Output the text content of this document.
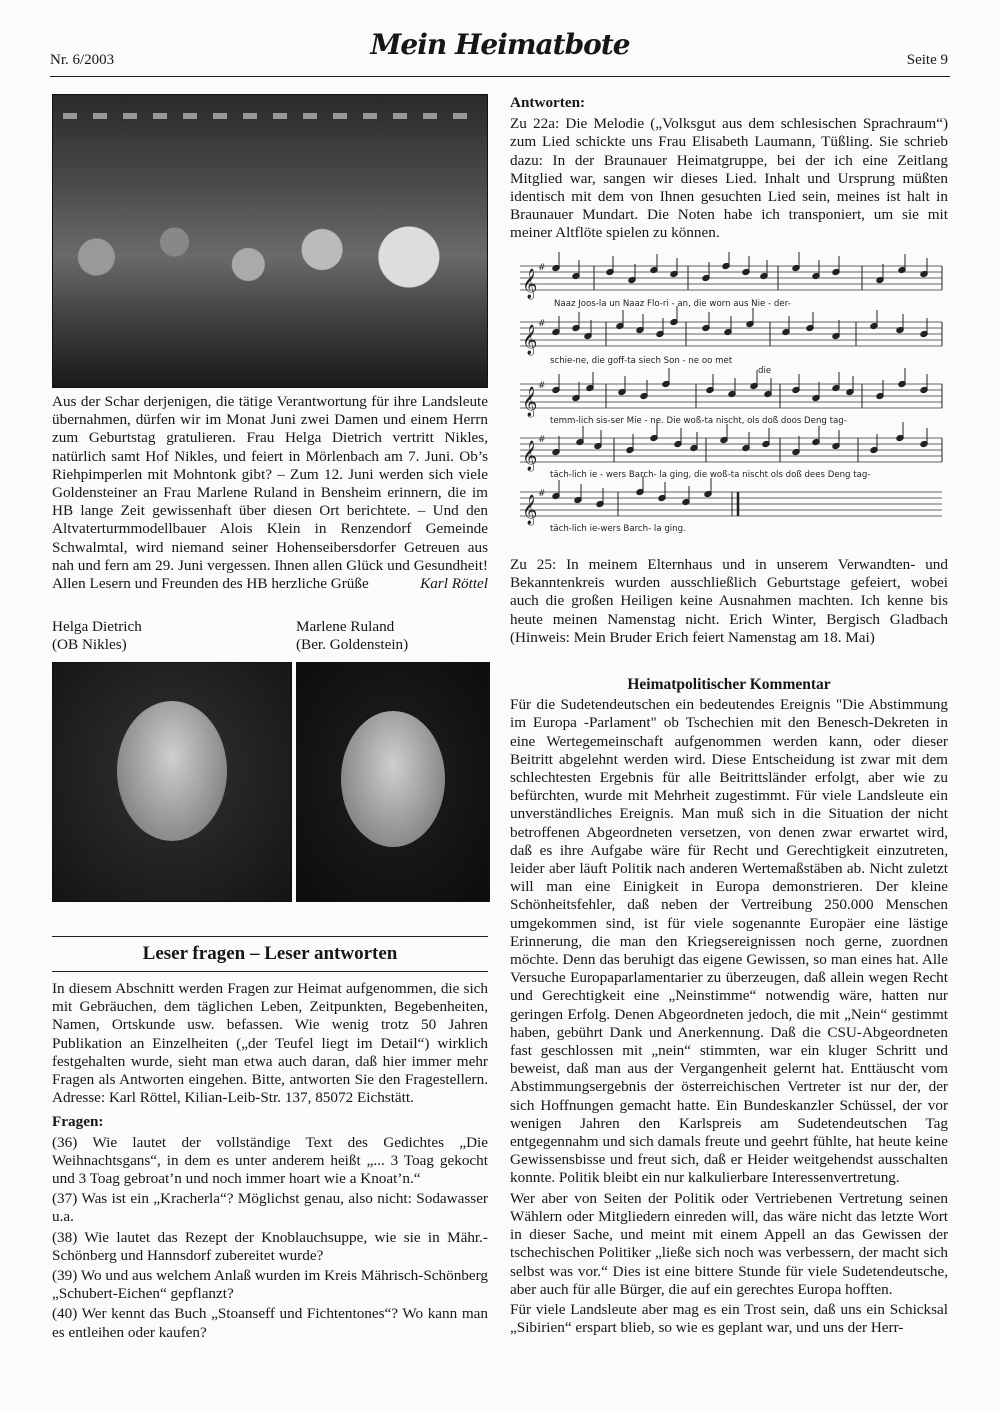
Nr. 6/2003	Mein Heimatbote	Seite 9

Aus der Schar derjenigen, die tätige Verantwortung für ihre Landsleute übernahmen, dürfen wir im Monat Juni zwei Damen und einem Herrn zum Geburtstag gratulieren. Frau Helga Dietrich vertritt Nikles, natürlich samt Hof Nikles, und feiert in Mörlenbach am 7. Juni. Ob’s Riehpimperlen mit Mohntonk gibt? – Zum 12. Juni werden sich viele Goldensteiner an Frau Marlene Ruland in Bensheim erinnern, die im HB lange Zeit gewissenhaft über diesen Ort berichtete. – Und den Altvaterturmmodellbauer Alois Klein in Renzendorf Gemeinde Schwalmtal, wird niemand seiner Hohenseibersdorfer Getreuen aus nah und fern am 29. Juni vergessen. Ihnen allen Glück und Gesundheit! Allen Lesern und Freunden des HB herzliche Grüße	Karl Röttel

Helga Dietrich
(OB Nikles)
Marlene Ruland
(Ber. Goldenstein)
Leser fragen – Leser antworten

In diesem Abschnitt werden Fragen zur Heimat aufgenommen, die sich mit Gebräuchen, dem täglichen Leben, Zeitpunkten, Begebenheiten, Namen, Ortskunde usw. befassen. Wie wenig trotz 50 Jahren Publikation an Einzelheiten („der Teufel liegt im Detail“) wirklich festgehalten wurde, sieht man etwa auch daran, daß hier immer mehr Fragen als Antworten eingehen. Bitte, antworten Sie den Fragestellern. Adresse: Karl Röttel, Kilian-Leib-Str. 137, 85072 Eichstätt.

Fragen:

(36) Wie lautet der vollständige Text des Gedichtes „Die Weihnachtsgans“, in dem es unter anderem heißt „... 3 Toag gekocht und 3 Toag gebroat’n und noch immer hoart wie a Knoat’n.“

(37) Was ist ein „Kracherla“? Möglichst genau, also nicht: Sodawasser u.a.

(38) Wie lautet das Rezept der Knoblauchsuppe, wie sie in Mähr.-Schönberg und Hannsdorf zubereitet wurde?

(39) Wo und aus welchem Anlaß wurden im Kreis Mährisch-Schönberg „Schubert-Eichen“ gepflanzt?

(40) Wer kennt das Buch „Stoanseff und Fichtentones“? Wo kann man es entleihen oder kaufen?

Antworten:

Zu 22a: Die Melodie („Volksgut aus dem schlesischen Sprachraum“) zum Lied schickte uns Frau Elisabeth Laumann, Tüßling. Sie schrieb dazu: In der Braunauer Heimatgruppe, bei der ich eine Zeitlang Mitglied war, sangen wir dieses Lied. Inhalt und Ursprung müßten identisch mit dem von Ihnen gesuchten Lied sein, meines ist halt in Braunauer Mundart. Die Noten habe ich transponiert, um sie mit meiner Altflöte spielen zu können.

𝄞
𝄞
𝄞
𝄞
𝄞
#
#
#
#
#
Naaz Joos-la un Naaz Flo-ri - an, die worn aus Nie - der-
schie-ne, die goff-ta siech Son - ne oo met
die
temm-lich sis-ser Mie - ne. Die woß-ta nischt, ols doß doos Deng tag-
täch-lich ie - wers Barch- la ging, die woß-ta nischt ols doß dees Deng tag-
täch-lich ie-wers Barch- la ging.

Zu 25: In meinem Elternhaus und in unserem Verwandten- und Bekanntenkreis wurden ausschließlich Geburtstage gefeiert, wobei auch die großen Heiligen keine Ausnahmen machten. Ich kenne bis heute meinen Namenstag nicht. Erich Winter, Bergisch Gladbach (Hinweis: Mein Bruder Erich feiert Namenstag am 18. Mai)

Heimatpolitischer Kommentar

Für die Sudetendeutschen ein bedeutendes Ereignis "Die Abstimmung im Europa -Parlament" ob Tschechien mit den Benesch-Dekreten in eine Wertegemeinschaft aufgenommen werden kann, oder dieser Beitritt abgelehnt werden wird. Diese Entscheidung ist zwar mit dem schlechtesten Ergebnis für alle Beitrittsländer erfolgt, aber wie zu befürchten, wurde mit Mehrheit zugestimmt. Für viele Landsleute ein unverständliches Ereignis. Man muß sich in die Situation der nicht betroffenen Abgeordneten versetzen, von denen zwar erwartet wird, daß es ihre Aufgabe wäre für Recht und Gerechtigkeit einzutreten, leider aber läuft Politik nach anderen Wertemaßstäben ab. Nicht zuletzt will man eine Einigkeit in Europa demonstrieren. Der kleine Schönheitsfehler, daß neben der Vertreibung 250.000 Menschen umgekommen sind, ist für viele sogenannte Europäer eine lästige Erinnerung, die man den Kriegsereignissen noch gerne, zuordnen möchte. Denn das beruhigt das eigene Gewissen, so man eines hat. Alle Versuche Europaparlamentarier zu überzeugen, daß allein wegen Recht und Gerechtigkeit eine „Neinstimme“ notwendig wäre, hatten nur geringen Erfolg. Denen Abgeordneten jedoch, die mit „Nein“ gestimmt haben, gebührt Dank und Anerkennung. Daß die CSU-Abgeordneten fast geschlossen mit „nein“ stimmten, war ein kluger Schritt und beweist, daß man aus der Vergangenheit gelernt hat. Enttäuscht vom Abstimmungsergebnis der österreichischen Vertreter ist nur der, der sich Hoffnungen gemacht hatte. Ein Bundeskanzler Schüssel, der vor wenigen Jahren den Karlspreis am Sudetendeutschen Tag entgegennahm und sich damals freute und geehrt fühlte, hat heute keine Gewissensbisse und freut sich, daß er Heider weitgehendst ausschalten konnte. Politik bleibt ein nur kalkulierbare Interessenvertretung.

Wer aber von Seiten der Politik oder Vertriebenen Vertretung seinen Wählern oder Mitgliedern einreden will, das wäre nicht das letzte Wort in dieser Sache, und meint mit einem Appell an das Gewissen der tschechischen Politiker „ließe sich noch was verbessern, der macht sich selbst was vor.“ Dies ist eine bittere Stunde für viele Sudetendeutsche, aber auch für alle Bürger, die auf ein gerechtes Europa hofften.

Für viele Landsleute aber mag es ein Trost sein, daß uns ein Schicksal „Sibirien“ erspart blieb, so wie es geplant war, und uns der Herr-
